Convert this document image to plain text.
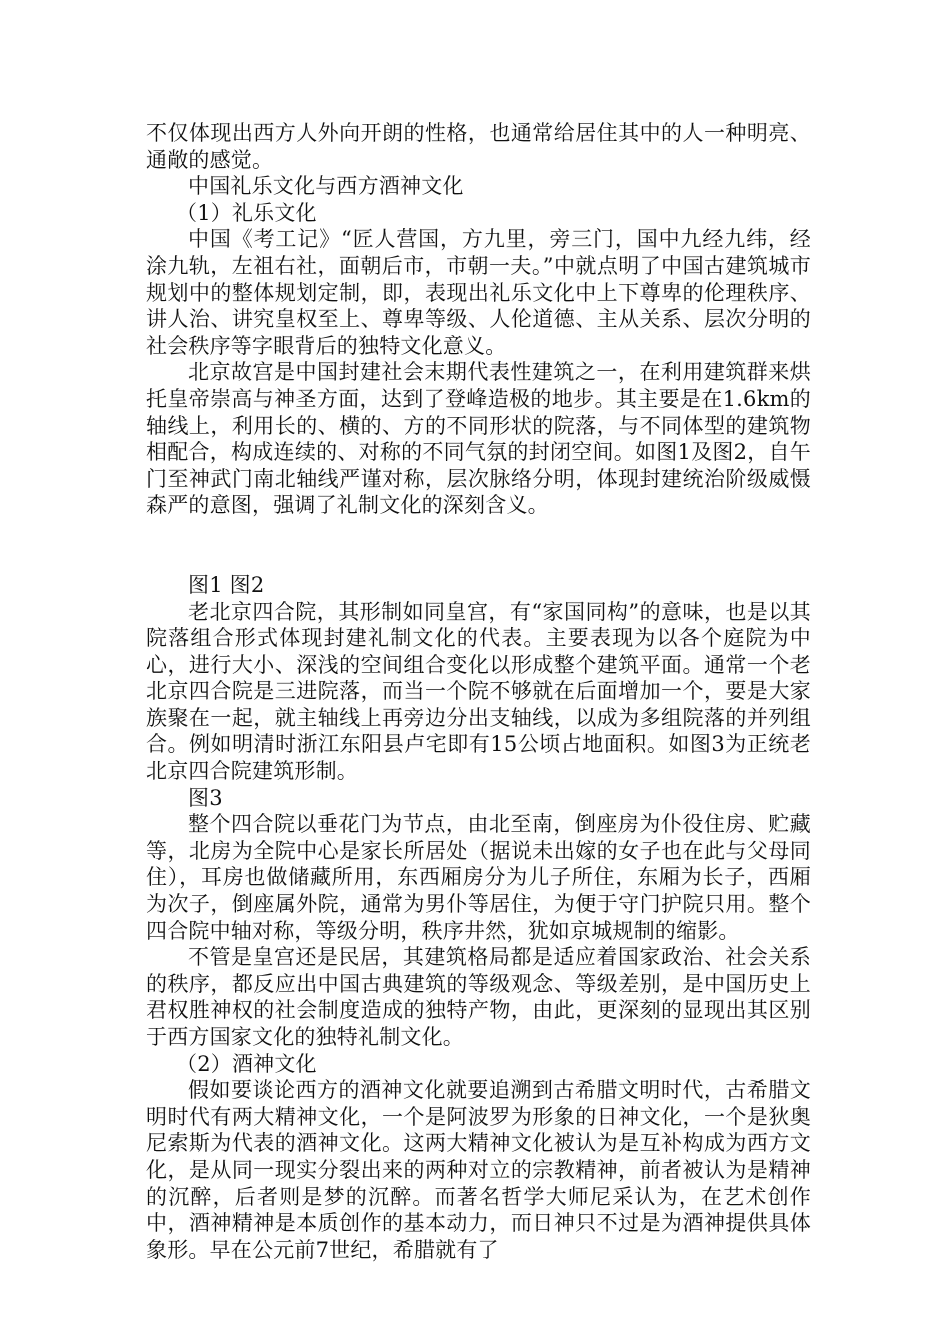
不仅体现出西方人外向开朗的性格，也通常给居住其中的人一种明亮、通敞的感觉。

中国礼乐文化与西方酒神文化

（1）礼乐文化

中国《考工记》“匠人营国，方九里，旁三门，国中九经九纬，经涂九轨，左祖右社，面朝后市，市朝一夫。”中就点明了中国古建筑城市规划中的整体规划定制，即，表现出礼乐文化中上下尊卑的伦理秩序、讲人治、讲究皇权至上、尊卑等级、人伦道德、主从关系、层次分明的社会秩序等字眼背后的独特文化意义。

北京故宫是中国封建社会末期代表性建筑之一，在利用建筑群来烘托皇帝崇高与神圣方面，达到了登峰造极的地步。其主要是在1.6km的轴线上，利用长的、横的、方的不同形状的院落，与不同体型的建筑物相配合，构成连续的、对称的不同气氛的封闭空间。如图1及图2，自午门至神武门南北轴线严谨对称，层次脉络分明，体现封建统治阶级威慑森严的意图，强调了礼制文化的深刻含义。

图1 图2

老北京四合院，其形制如同皇宫，有“家国同构”的意味，也是以其院落组合形式体现封建礼制文化的代表。主要表现为以各个庭院为中心，进行大小、深浅的空间组合变化以形成整个建筑平面。通常一个老北京四合院是三进院落，而当一个院不够就在后面增加一个，要是大家族聚在一起，就主轴线上再旁边分出支轴线，以成为多组院落的并列组合。例如明清时浙江东阳县卢宅即有15公顷占地面积。如图3为正统老北京四合院建筑形制。

图3

整个四合院以垂花门为节点，由北至南，倒座房为仆役住房、贮藏等，北房为全院中心是家长所居处（据说未出嫁的女子也在此与父母同住），耳房也做储藏所用，东西厢房分为儿子所住，东厢为长子，西厢为次子，倒座属外院，通常为男仆等居住，为便于守门护院只用。整个四合院中轴对称，等级分明，秩序井然，犹如京城规制的缩影。

不管是皇宫还是民居，其建筑格局都是适应着国家政治、社会关系的秩序，都反应出中国古典建筑的等级观念、等级差别，是中国历史上君权胜神权的社会制度造成的独特产物，由此，更深刻的显现出其区别于西方国家文化的独特礼制文化。

（2）酒神文化

假如要谈论西方的酒神文化就要追溯到古希腊文明时代，古希腊文明时代有两大精神文化，一个是阿波罗为形象的日神文化，一个是狄奥尼索斯为代表的酒神文化。这两大精神文化被认为是互补构成为西方文化，是从同一现实分裂出来的两种对立的宗教精神，前者被认为是精神的沉醉，后者则是梦的沉醉。而著名哲学大师尼采认为，在艺术创作中，酒神精神是本质创作的基本动力，而日神只不过是为酒神提供具体象形。早在公元前7世纪，希腊就有了
